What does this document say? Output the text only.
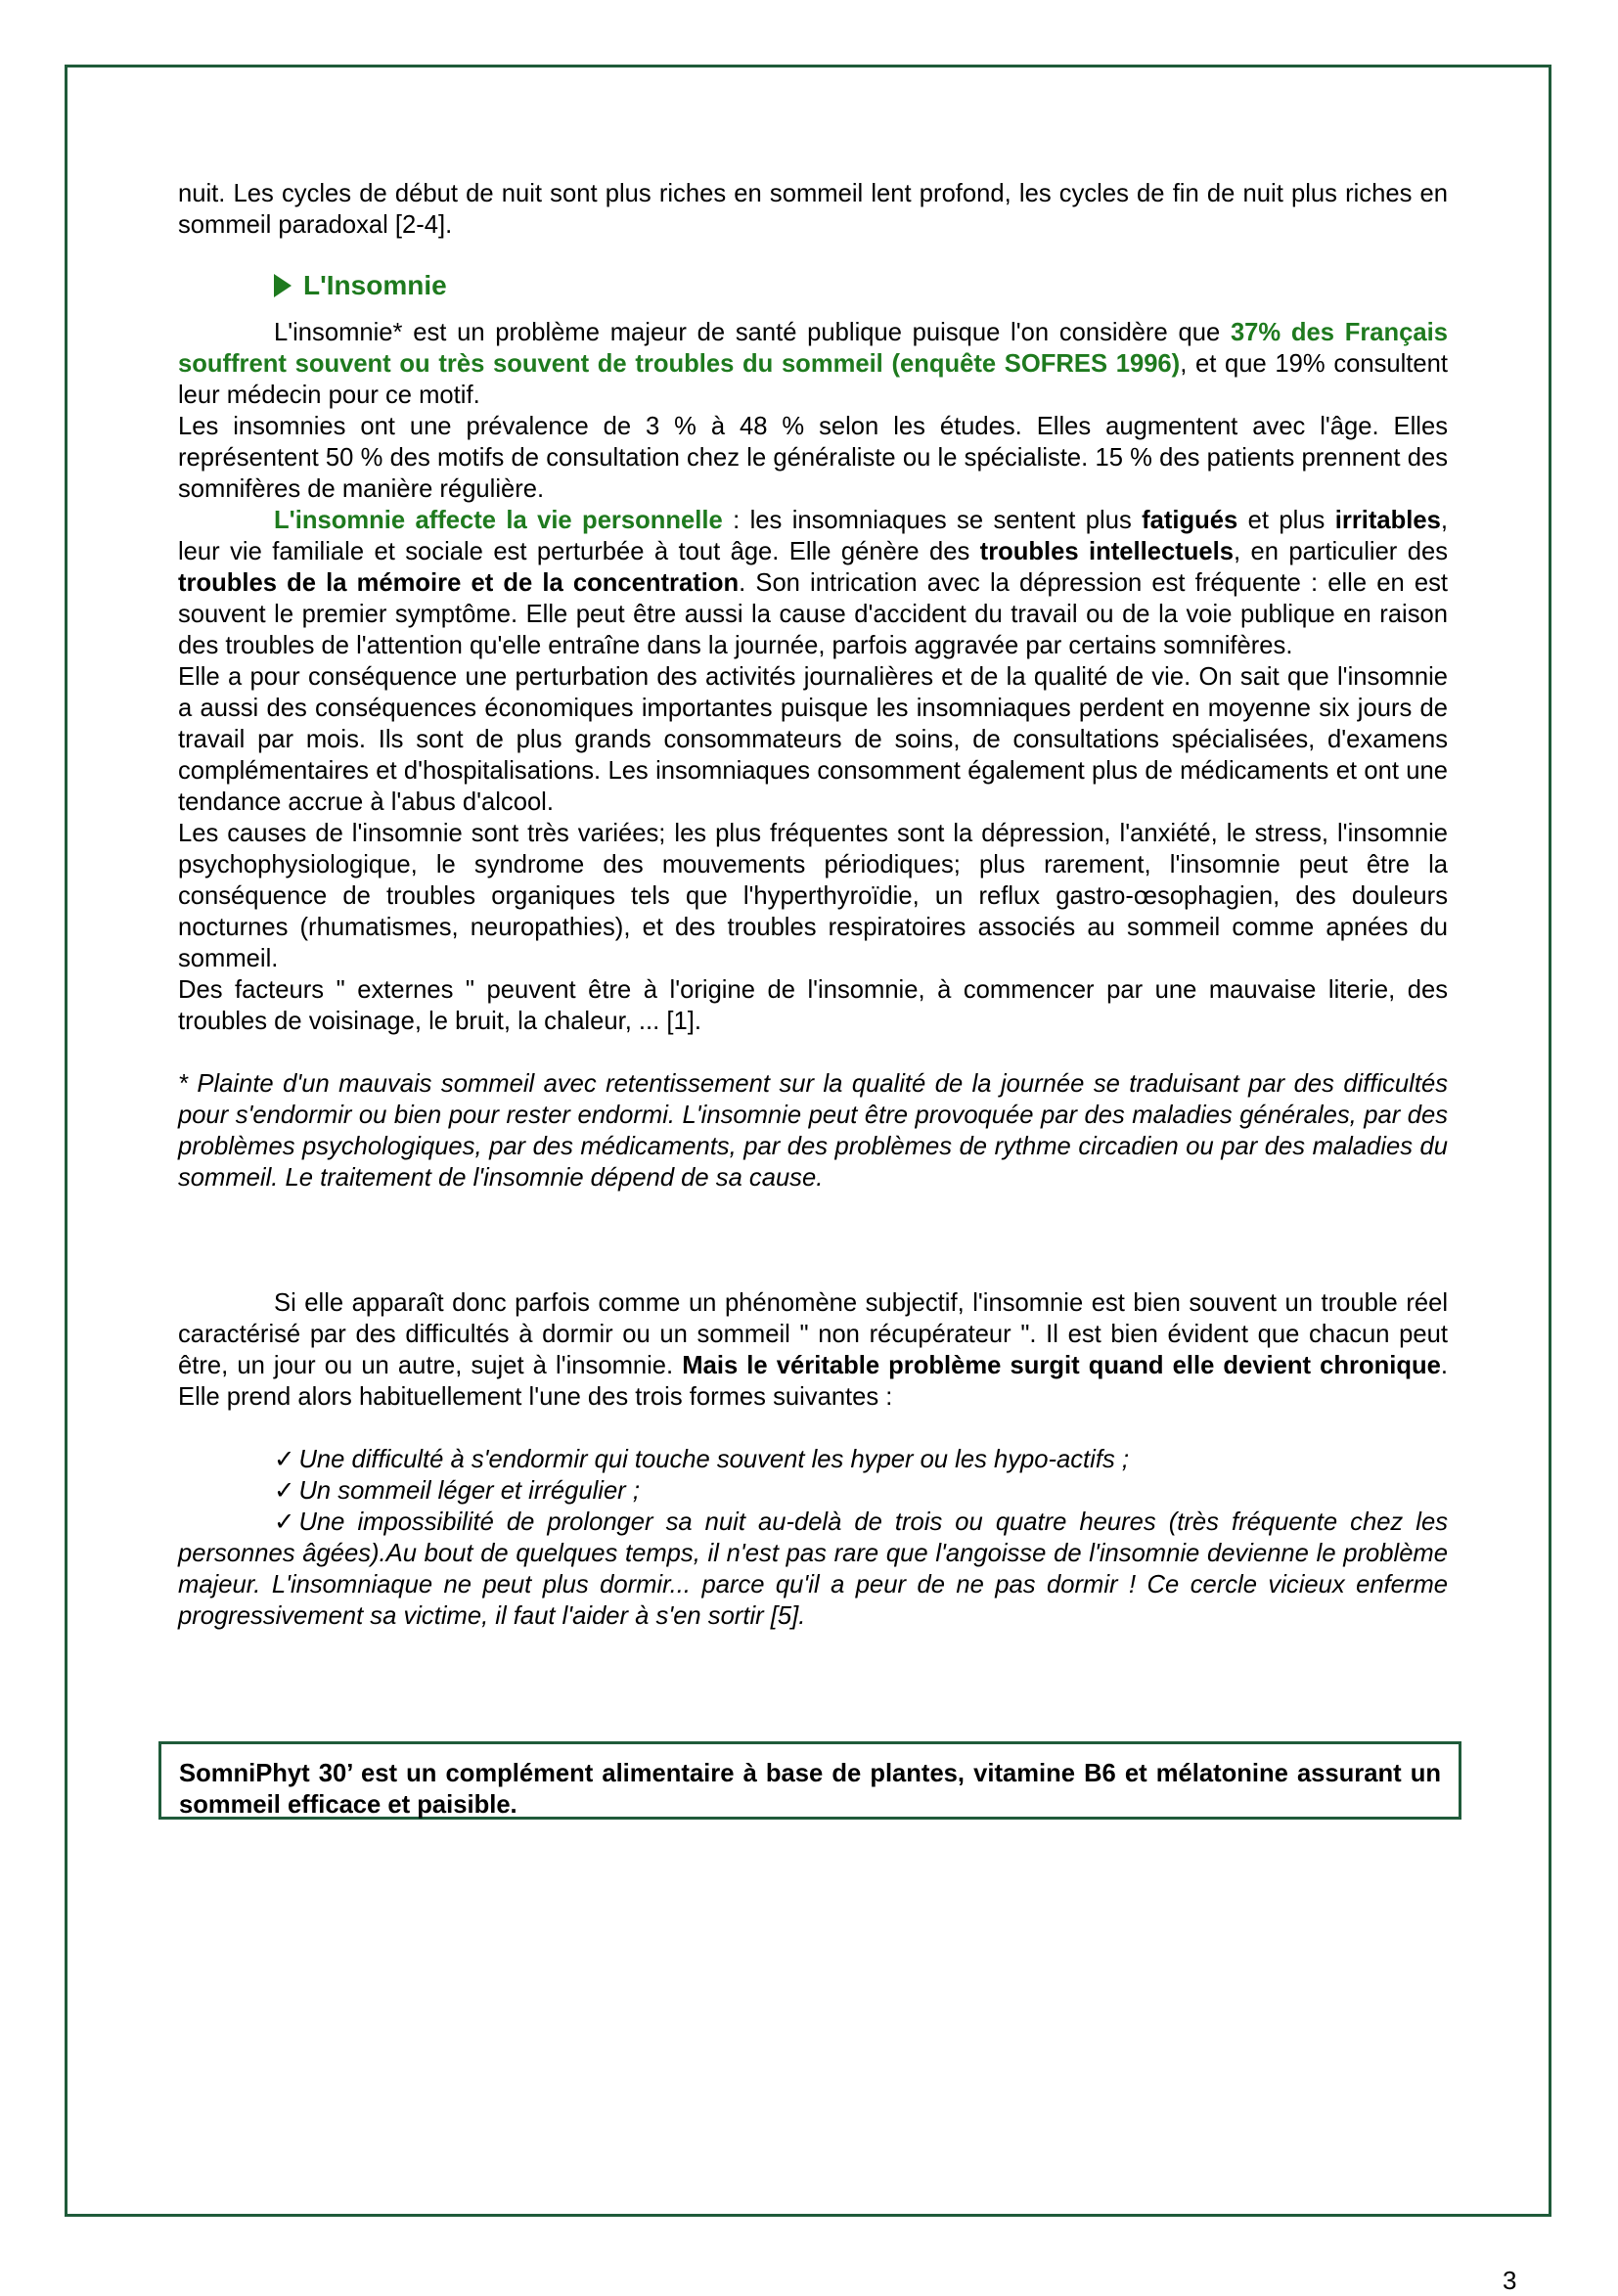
nuit. Les cycles de début de nuit sont plus riches en sommeil lent profond, les cycles de fin de nuit plus riches en sommeil paradoxal [2-4].

L'Insomnie

L'insomnie* est un problème majeur de santé publique puisque l'on considère que 37% des Français souffrent souvent ou très souvent de troubles du sommeil (enquête SOFRES 1996), et que 19% consultent leur médecin pour ce motif.

Les insomnies ont une prévalence de 3 % à 48 % selon les études. Elles augmentent avec l'âge. Elles représentent 50 % des motifs de consultation chez le généraliste ou le spécialiste. 15 % des patients prennent des somnifères de manière régulière.

L'insomnie affecte la vie personnelle : les insomniaques se sentent plus fatigués et plus irritables, leur vie familiale et sociale est perturbée à tout âge. Elle génère des troubles intellectuels, en particulier des troubles de la mémoire et de la concentration. Son intrication avec la dépression est fréquente : elle en est souvent le premier symptôme. Elle peut être aussi la cause d'accident du travail ou de la voie publique en raison des troubles de l'attention qu'elle entraîne dans la journée, parfois aggravée par certains somnifères.

Elle a pour conséquence une perturbation des activités journalières et de la qualité de vie. On sait que l'insomnie a aussi des conséquences économiques importantes puisque les insomniaques perdent en moyenne six jours de travail par mois. Ils sont de plus grands consommateurs de soins, de consultations spécialisées, d'examens complémentaires et d'hospitalisations. Les insomniaques consomment également plus de médicaments et ont une tendance accrue à l'abus d'alcool.

Les causes de l'insomnie sont très variées; les plus fréquentes sont la dépression, l'anxiété, le stress, l'insomnie psychophysiologique, le syndrome des mouvements périodiques; plus rarement, l'insomnie peut être la conséquence de troubles organiques tels que l'hyperthyroïdie, un reflux gastro-œsophagien, des douleurs nocturnes (rhumatismes, neuropathies), et des troubles respiratoires associés au sommeil comme apnées du sommeil.

Des facteurs " externes " peuvent être à l'origine de l'insomnie, à commencer par une mauvaise literie, des troubles de voisinage, le bruit, la chaleur, ... [1].

* Plainte d'un mauvais sommeil avec retentissement sur la qualité de la journée se traduisant par des difficultés pour s'endormir ou bien pour rester endormi. L'insomnie peut être provoquée par des maladies générales, par des problèmes psychologiques, par des médicaments, par des problèmes de rythme circadien ou par des maladies du sommeil. Le traitement de l'insomnie dépend de sa cause.

Si elle apparaît donc parfois comme un phénomène subjectif, l'insomnie est bien souvent un trouble réel caractérisé par des difficultés à dormir ou un sommeil " non récupérateur ". Il est bien évident que chacun peut être, un jour ou un autre, sujet à l'insomnie. Mais le véritable problème surgit quand elle devient chronique. Elle prend alors habituellement l'une des trois formes suivantes :

✓ Une difficulté à s'endormir qui touche souvent les hyper ou les hypo-actifs ;

✓ Un sommeil léger et irrégulier ;

✓ Une impossibilité de prolonger sa nuit au-delà de trois ou quatre heures (très fréquente chez les personnes âgées).Au bout de quelques temps, il n'est pas rare que l'angoisse de l'insomnie devienne le problème majeur. L'insomniaque ne peut plus dormir... parce qu'il a peur de ne pas dormir ! Ce cercle vicieux enferme progressivement sa victime, il faut l'aider à s'en sortir [5].

SomniPhyt 30’ est un complément alimentaire à base de plantes, vitamine B6 et mélatonine assurant un sommeil efficace et paisible.
3
